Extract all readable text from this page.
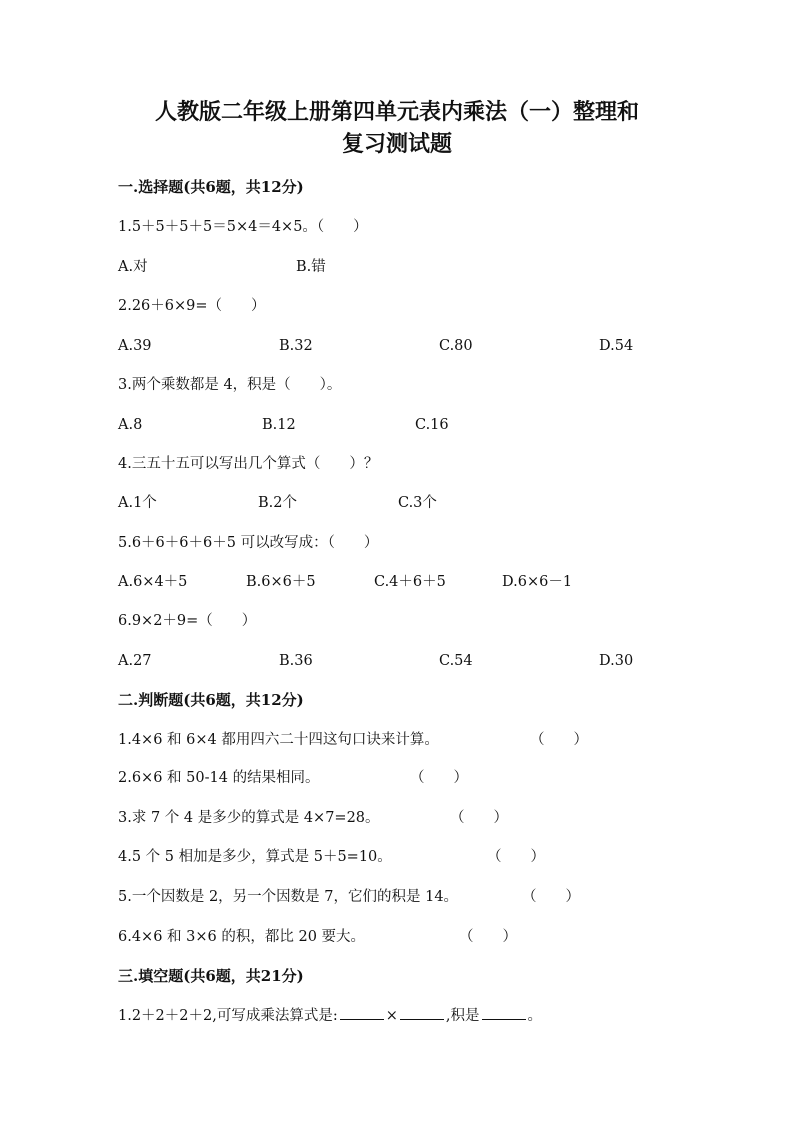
人教版二年级上册第四单元表内乘法（一）整理和
复习测试题
一.选择题(共6题，共12分)
1.5＋5＋5＋5＝5×4＝4×5。（　　）
A.对	B.错
2.26＋6×9=（　　）
A.39	B.32	C.80	D.54
3.两个乘数都是 4，积是（　　）。
A.8	B.12	C.16
4.三五十五可以写出几个算式（　　）？
A.1个	B.2个	C.3个
5.6＋6＋6＋6＋5 可以改写成：（　　）
A.6×4＋5	B.6×6＋5	C.4＋6＋5	D.6×6－1
6.9×2＋9=（　　）
A.27	B.36	C.54	D.30
二.判断题(共6题，共12分)
1.4×6 和 6×4 都用四六二十四这句口诀来计算。	（　　）
2.6×6 和 50-14 的结果相同。	（　　）
3.求 7 个 4 是多少的算式是 4×7=28。	（　　）
4.5 个 5 相加是多少，算式是 5＋5=10。	（　　）
5.一个因数是 2，另一个因数是 7，它们的积是 14。	（　　）
6.4×6 和 3×6 的积，都比 20 要大。	（　　）
三.填空题(共6题，共21分)
1.2＋2＋2＋2,可写成乘法算式是:	×	,积是	。
